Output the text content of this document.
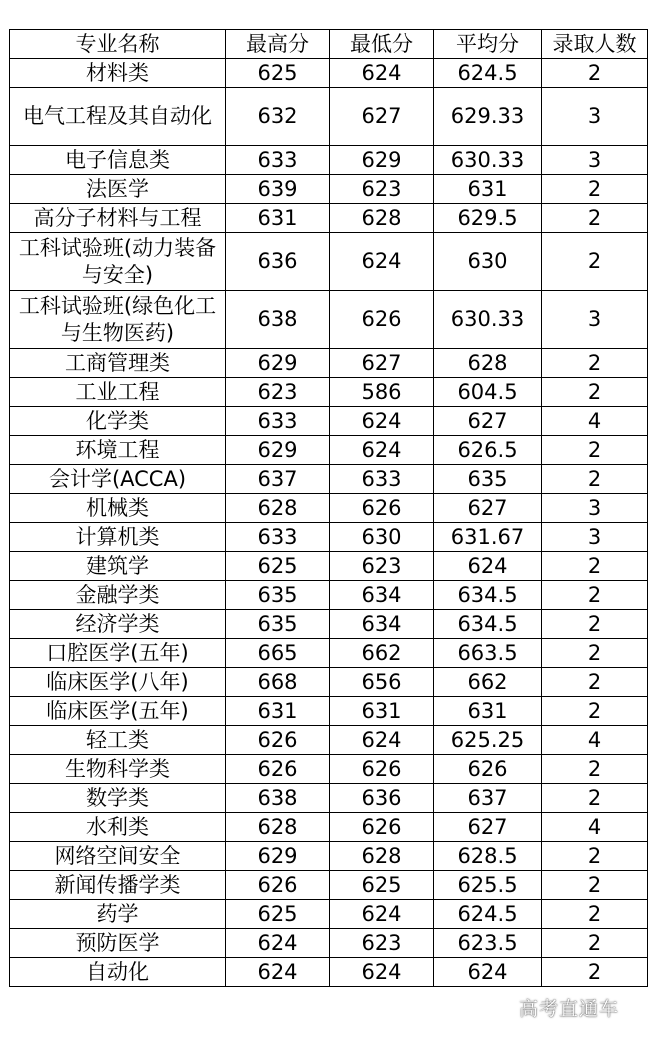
专业名称	最高分	最低分	平均分	录取人数
材料类	625	624	624.5	2
电气工程及其自动化	632	627	629.33	3
电子信息类	633	629	630.33	3
法医学	639	623	631	2
高分子材料与工程	631	628	629.5	2
工科试验班(动力装备与安全)	636	624	630	2
工科试验班(绿色化工与生物医药)	638	626	630.33	3
工商管理类	629	627	628	2
工业工程	623	586	604.5	2
化学类	633	624	627	4
环境工程	629	624	626.5	2
会计学(ACCA)	637	633	635	2
机械类	628	626	627	3
计算机类	633	630	631.67	3
建筑学	625	623	624	2
金融学类	635	634	634.5	2
经济学类	635	634	634.5	2
口腔医学(五年)	665	662	663.5	2
临床医学(八年)	668	656	662	2
临床医学(五年)	631	631	631	2
轻工类	626	624	625.25	4
生物科学类	626	626	626	2
数学类	638	636	637	2
水利类	628	626	627	4
网络空间安全	629	628	628.5	2
新闻传播学类	626	625	625.5	2
药学	625	624	624.5	2
预防医学	624	623	623.5	2
自动化	624	624	624	2
高考直通车
